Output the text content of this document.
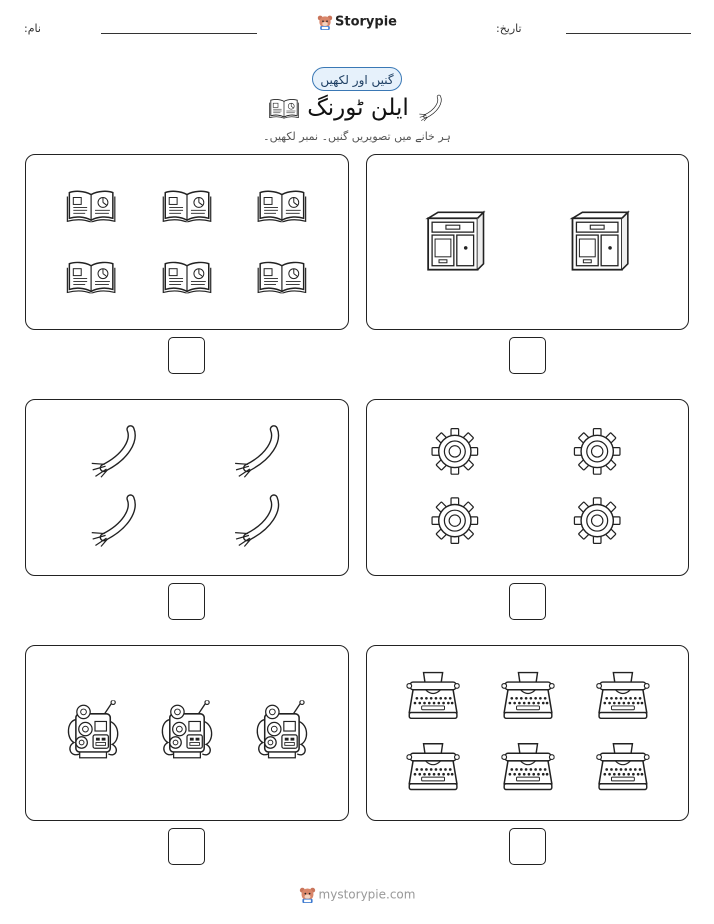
نام:	Storypie	تاریخ:
گنیں اور لکھیں
ایلن ٹورنگ
ہر خانے میں تصویریں گنیں۔ نمبر لکھیں۔
mystorypie.com
